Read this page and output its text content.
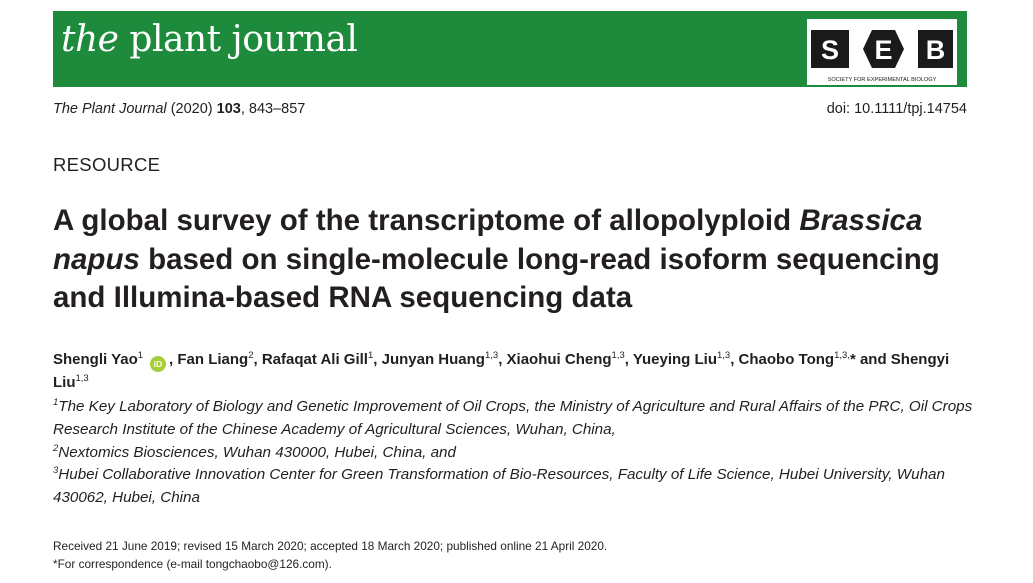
the plant journal	S E B
SOCIETY FOR EXPERIMENTAL BIOLOGY
The Plant Journal (2020) 103, 843–857	doi: 10.1111/tpj.14754
RESOURCE
A global survey of the transcriptome of allopolyploid Brassica napus based on single-molecule long-read isoform sequencing and Illumina-based RNA sequencing data
Shengli Yao$^1$iD , Fan Liang$^2$, Rafaqat Ali Gill$^1$, Junyan Huang$^{1,3}$, Xiaohui Cheng$^{1,3}$, Yueying Liu$^{1,3}$, Chaobo Tong$^{1,3,}$* and Shengyi Liu$^{1,3}$
$^1$The Key Laboratory of Biology and Genetic Improvement of Oil Crops, the Ministry of Agriculture and Rural Affairs of the PRC, Oil Crops Research Institute of the Chinese Academy of Agricultural Sciences, Wuhan, China,
$^2$Nextomics Biosciences, Wuhan 430000, Hubei, China, and
$^3$Hubei Collaborative Innovation Center for Green Transformation of Bio-Resources, Faculty of Life Science, Hubei University, Wuhan 430062, Hubei, China
Received 21 June 2019; revised 15 March 2020; accepted 18 March 2020; published online 21 April 2020.
*For correspondence (e-mail tongchaobo@126.com).
